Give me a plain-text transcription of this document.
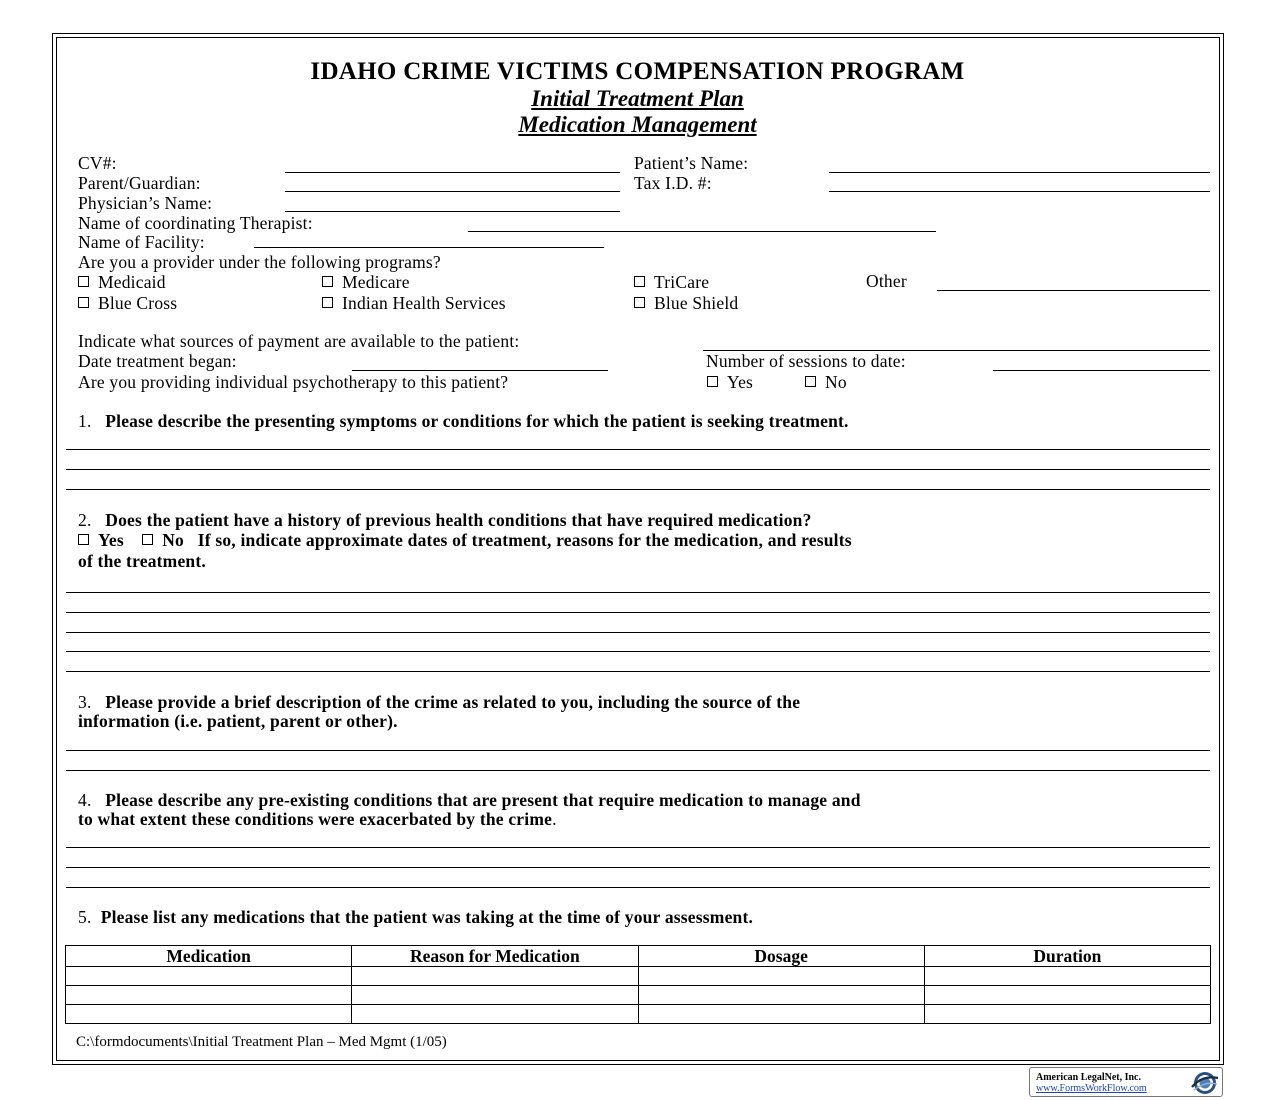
IDAHO CRIME VICTIMS COMPENSATION PROGRAM
Initial Treatment Plan
Medication Management
CV#:	Patient’s Name:
Parent/Guardian:	Tax I.D. #:
Physician’s Name:
Name of coordinating Therapist:
Name of Facility:
Are you a provider under the following programs?
Medicaid	Medicare	TriCare	Other
Blue Cross	Indian Health Services	Blue Shield
Indicate what sources of payment are available to the patient:
Date treatment began:	Number of sessions to date:
Are you providing individual psychotherapy to this patient?	Yes	No
1. Please describe the presenting symptoms or conditions for which the patient is seeking treatment.
2. Does the patient have a history of previous health conditions that have required medication?
Yes No If so, indicate approximate dates of treatment, reasons for the medication, and results
of the treatment.
3. Please provide a brief description of the crime as related to you, including the source of the
information (i.e. patient, parent or other).
4. Please describe any pre-existing conditions that are present that require medication to manage and
to what extent these conditions were exacerbated by the crime.
5. Please list any medications that the patient was taking at the time of your assessment.
Medication	Reason for Medication	Dosage	Duration

C:\formdocuments\Initial Treatment Plan – Med Mgmt (1/05)
American LegalNet, Inc.
www.FormsWorkFlow.com
